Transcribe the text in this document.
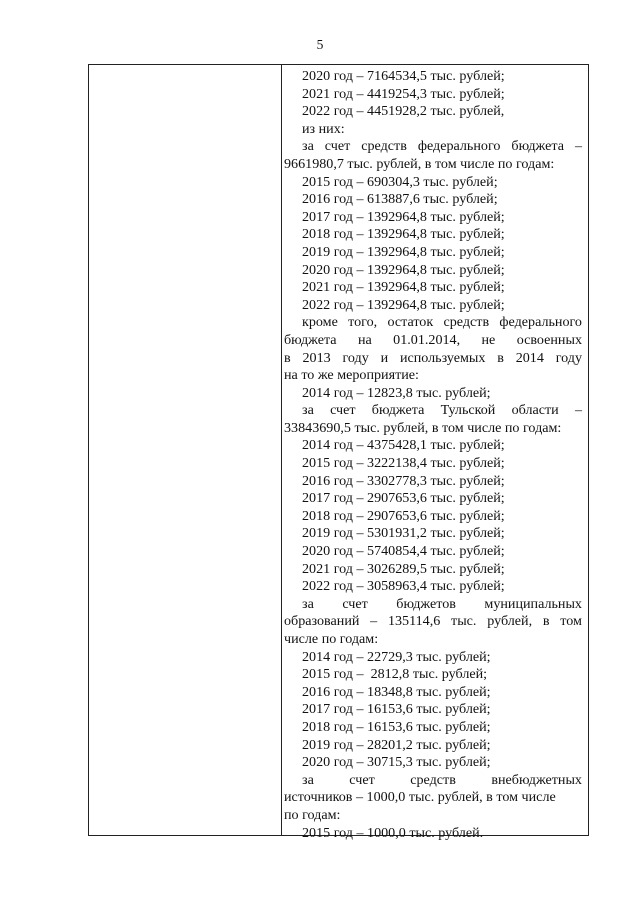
5
2020 год – 7164534,5 тыс. рублей;
2021 год – 4419254,3 тыс. рублей;
2022 год – 4451928,2 тыс. рублей,
из них:
за счет средств федерального бюджета –
9661980,7 тыс. рублей, в том числе по годам:
2015 год – 690304,3 тыс. рублей;
2016 год – 613887,6 тыс. рублей;
2017 год – 1392964,8 тыс. рублей;
2018 год – 1392964,8 тыс. рублей;
2019 год – 1392964,8 тыс. рублей;
2020 год – 1392964,8 тыс. рублей;
2021 год – 1392964,8 тыс. рублей;
2022 год – 1392964,8 тыс. рублей;
кроме того, остаток средств федерального
бюджета на 01.01.2014, не освоенных
в 2013 году и используемых в 2014 году
на то же мероприятие:
2014 год – 12823,8 тыс. рублей;
за счет бюджета Тульской области –
33843690,5 тыс. рублей, в том числе по годам:
2014 год – 4375428,1 тыс. рублей;
2015 год – 3222138,4 тыс. рублей;
2016 год – 3302778,3 тыс. рублей;
2017 год – 2907653,6 тыс. рублей;
2018 год – 2907653,6 тыс. рублей;
2019 год – 5301931,2 тыс. рублей;
2020 год – 5740854,4 тыс. рублей;
2021 год – 3026289,5 тыс. рублей;
2022 год – 3058963,4 тыс. рублей;
за счет бюджетов муниципальных
образований – 135114,6 тыс. рублей, в том
числе по годам:
2014 год – 22729,3 тыс. рублей;
2015 год –  2812,8 тыс. рублей;
2016 год – 18348,8 тыс. рублей;
2017 год – 16153,6 тыс. рублей;
2018 год – 16153,6 тыс. рублей;
2019 год – 28201,2 тыс. рублей;
2020 год – 30715,3 тыс. рублей;
за	счет	средств	внебюджетных
источников – 1000,0 тыс. рублей, в том числе
по годам:
2015 год – 1000,0 тыс. рублей.
